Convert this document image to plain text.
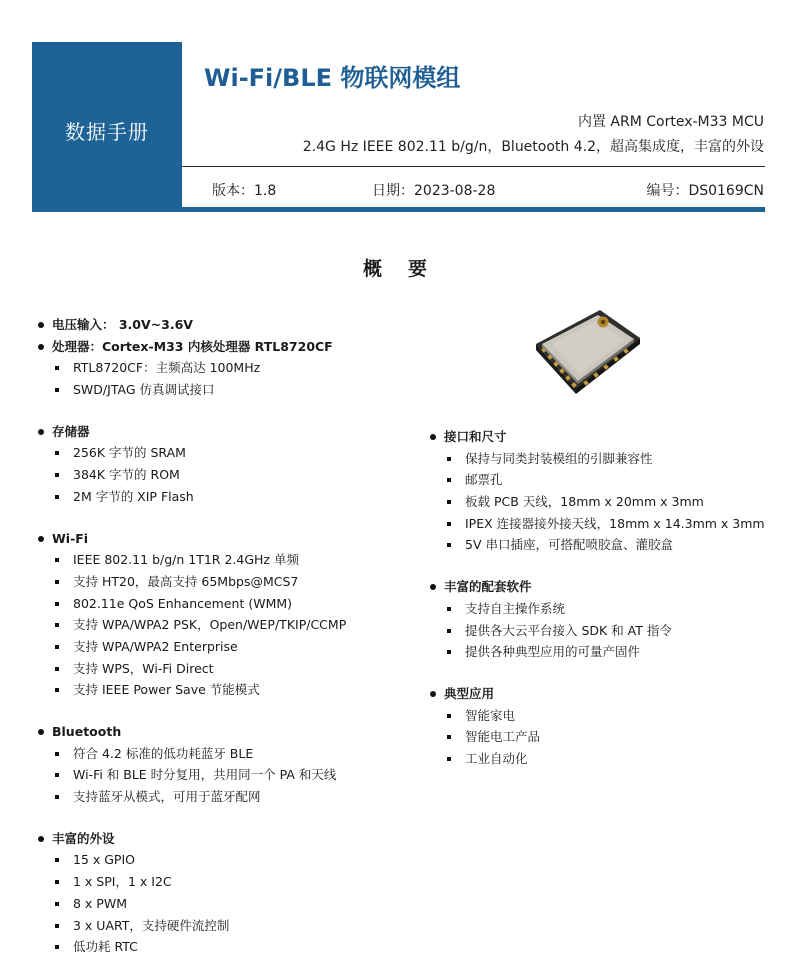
数据手册
Wi-Fi/BLE 物联网模组
内置 ARM Cortex-M33 MCU
2.4G Hz IEEE 802.11 b/g/n，Bluetooth 4.2，超高集成度，丰富的外设
版本：1.8	日期：2023-08-28	编号：DS0169CN
概要
电压输入： 3.0V~3.6V
处理器：Cortex-M33 内核处理器 RTL8720CF
RTL8720CF：主频高达 100MHz
SWD/JTAG 仿真调试接口
存储器
256K 字节的 SRAM
384K 字节的 ROM
2M 字节的 XIP Flash
Wi-Fi
IEEE 802.11 b/g/n 1T1R 2.4GHz 单频
支持 HT20，最高支持 65Mbps@MCS7
802.11e QoS Enhancement (WMM)
支持 WPA/WPA2 PSK，Open/WEP/TKIP/CCMP
支持 WPA/WPA2 Enterprise
支持 WPS，Wi-Fi Direct
支持 IEEE Power Save 节能模式
Bluetooth
符合 4.2 标准的低功耗蓝牙 BLE
Wi-Fi 和 BLE 时分复用，共用同一个 PA 和天线
支持蓝牙从模式，可用于蓝牙配网
丰富的外设
15 x GPIO
1 x SPI，1 x I2C
8 x PWM
3 x UART，支持硬件流控制
低功耗 RTC
接口和尺寸
保持与同类封装模组的引脚兼容性
邮票孔
板载 PCB 天线，18mm x 20mm x 3mm
IPEX 连接器接外接天线，18mm x 14.3mm x 3mm
5V 串口插座，可搭配喷胶盒、灌胶盒
丰富的配套软件
支持自主操作系统
提供各大云平台接入 SDK 和 AT 指令
提供各种典型应用的可量产固件
典型应用
智能家电
智能电工产品
工业自动化
